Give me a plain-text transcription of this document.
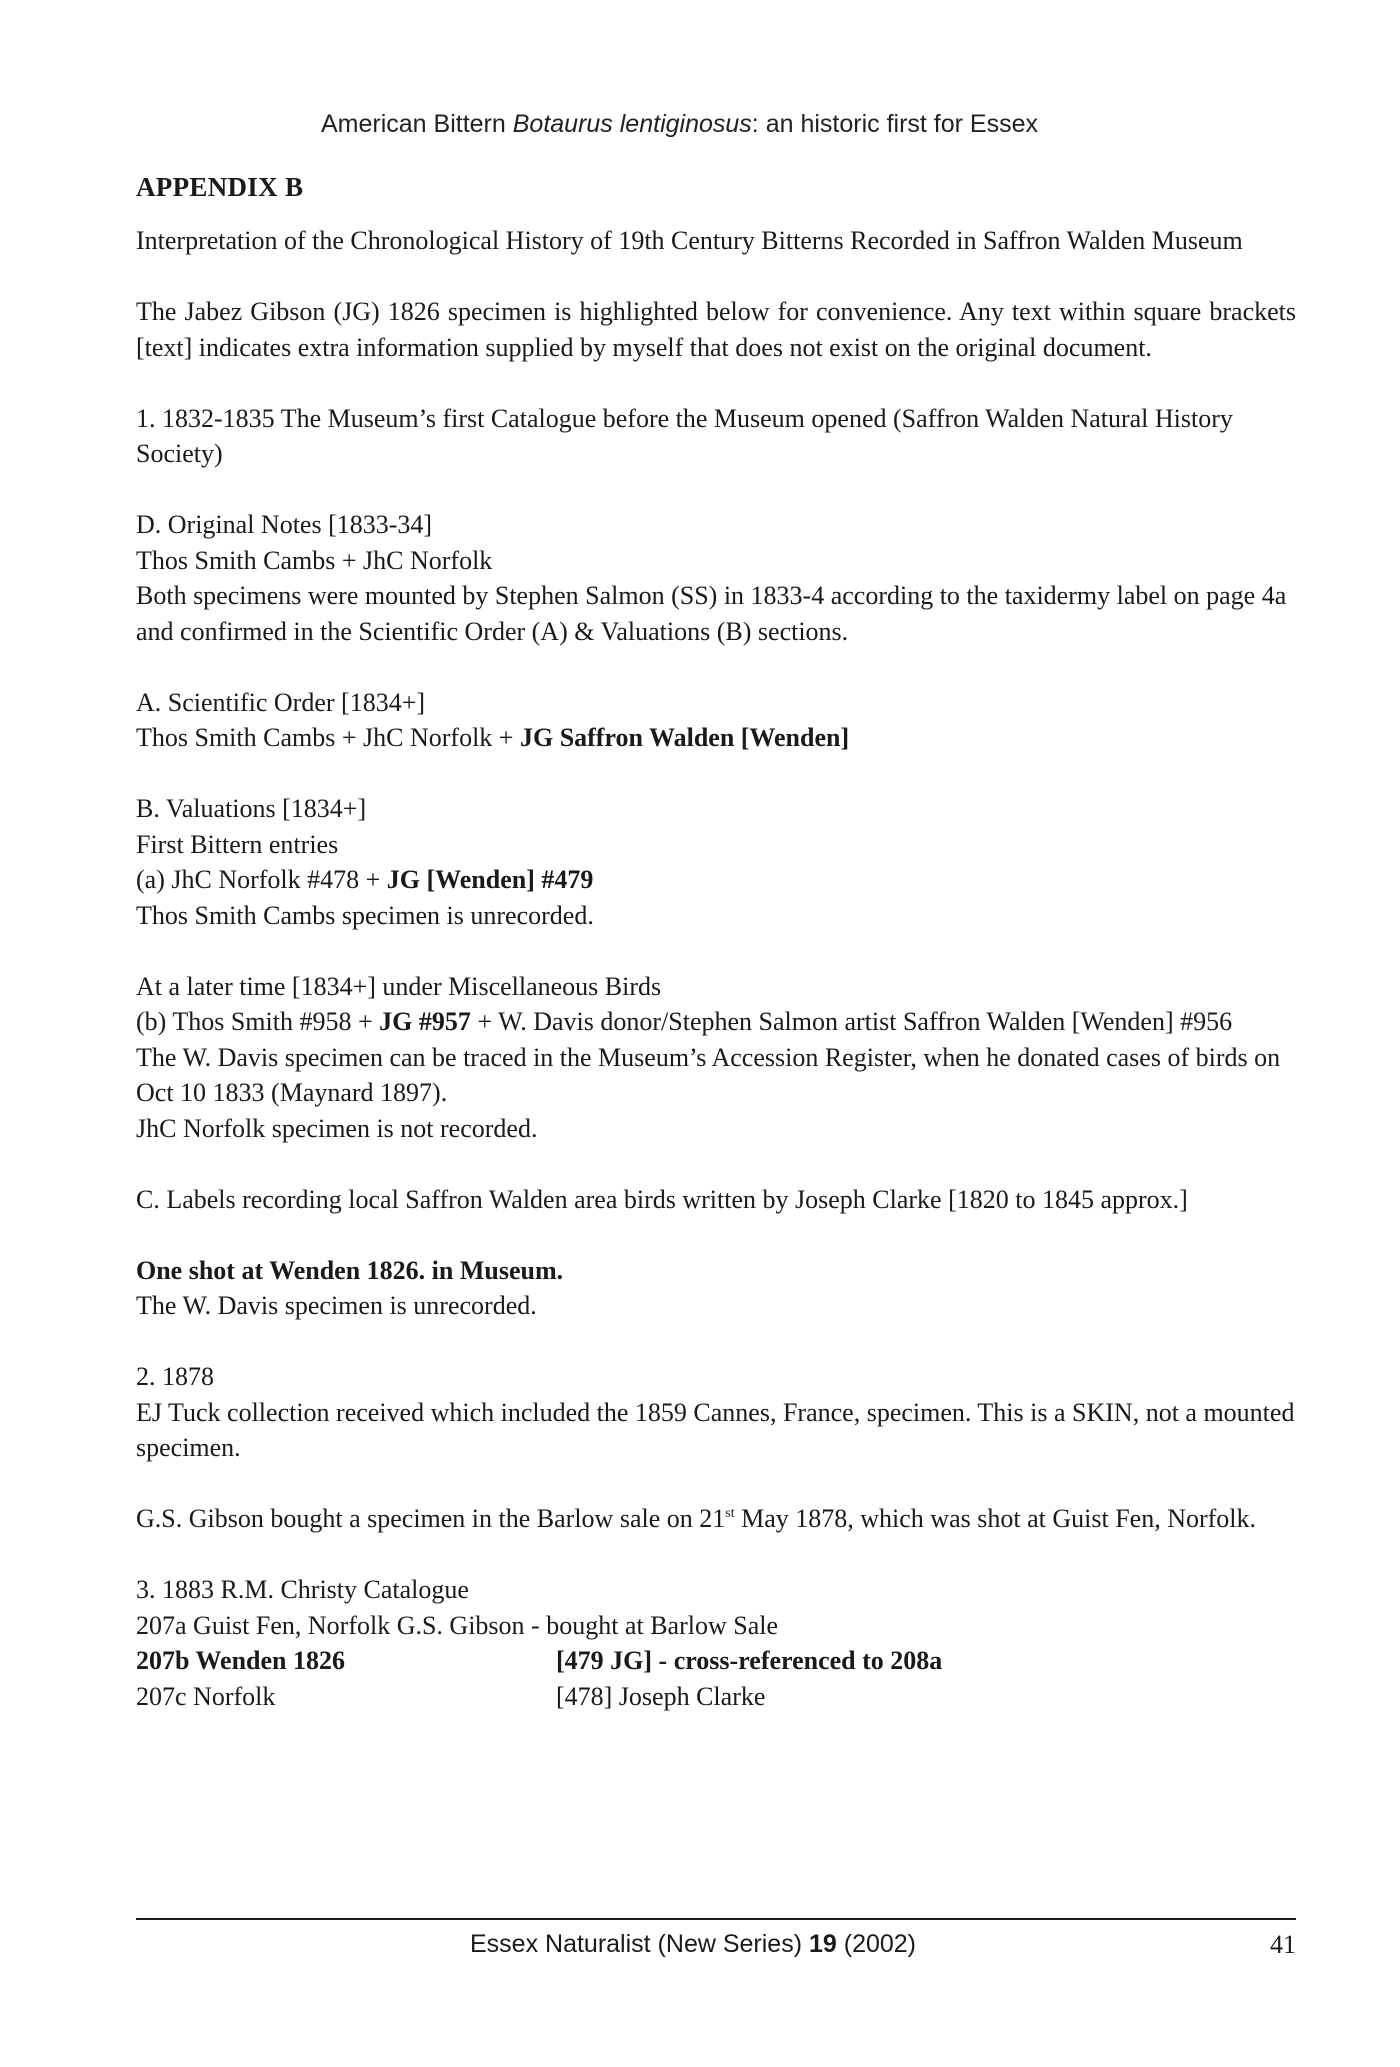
American Bittern Botaurus lentiginosus: an historic first for Essex
APPENDIX B

Interpretation of the Chronological History of 19th Century Bitterns Recorded in Saffron Walden Museum

The Jabez Gibson (JG) 1826 specimen is highlighted below for convenience. Any text within square brackets [text] indicates extra information supplied by myself that does not exist on the original document.

1. 1832-1835 The Museum’s first Catalogue before the Museum opened (Saffron Walden Natural History Society)

D. Original Notes [1833-34]
Thos Smith Cambs + JhC Norfolk
Both specimens were mounted by Stephen Salmon (SS) in 1833-4 according to the taxidermy label on page 4a and confirmed in the Scientific Order (A) & Valuations (B) sections.

A. Scientific Order [1834+]
Thos Smith Cambs + JhC Norfolk + JG Saffron Walden [Wenden]

B. Valuations [1834+]
First Bittern entries
(a) JhC Norfolk #478 + JG [Wenden] #479
Thos Smith Cambs specimen is unrecorded.

At a later time [1834+] under Miscellaneous Birds
(b) Thos Smith #958 + JG #957 + W. Davis donor/Stephen Salmon artist Saffron Walden [Wenden] #956
The W. Davis specimen can be traced in the Museum’s Accession Register, when he donated cases of birds on Oct 10 1833 (Maynard 1897).
JhC Norfolk specimen is not recorded.

C. Labels recording local Saffron Walden area birds written by Joseph Clarke [1820 to 1845 approx.]

One shot at Wenden 1826. in Museum.
The W. Davis specimen is unrecorded.

2. 1878
EJ Tuck collection received which included the 1859 Cannes, France, specimen. This is a SKIN, not a mounted specimen.

G.S. Gibson bought a specimen in the Barlow sale on 21st May 1878, which was shot at Guist Fen, Norfolk.

3. 1883 R.M. Christy Catalogue
207a Guist Fen, Norfolk G.S. Gibson - bought at Barlow Sale
207b Wenden 1826	[479 JG] - cross-referenced to 208a
207c Norfolk	[478] Joseph Clarke

Essex Naturalist (New Series) 19 (2002)	41
